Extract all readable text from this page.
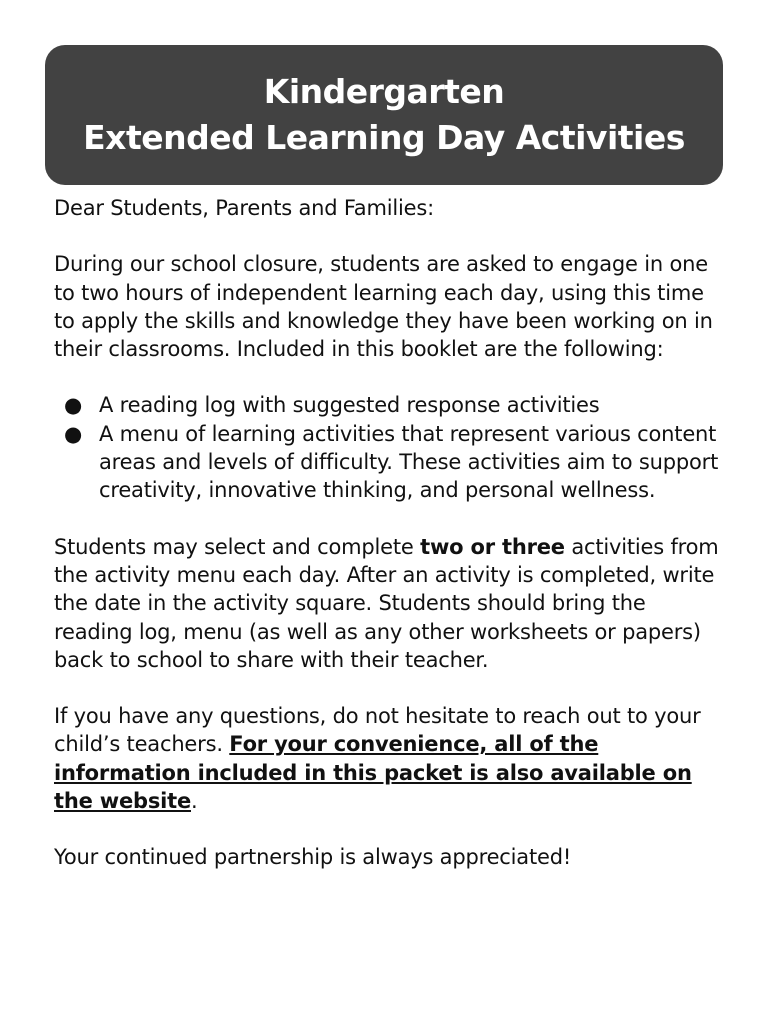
Kindergarten
Extended Learning Day Activities

Dear Students, Parents and Families:

During our school closure, students are asked to engage in one to two hours of independent learning each day, using this time to apply the skills and knowledge they have been working on in their classrooms. Included in this booklet are the following:

● A reading log with suggested response activities
● A menu of learning activities that represent various content areas and levels of difficulty. These activities aim to support creativity, innovative thinking, and personal wellness.

Students may select and complete two or three activities from the activity menu each day. After an activity is completed, write the date in the activity square. Students should bring the reading log, menu (as well as any other worksheets or papers) back to school to share with their teacher.

If you have any questions, do not hesitate to reach out to your child’s teachers. For your convenience, all of the information included in this packet is also available on the website.

Your continued partnership is always appreciated!
